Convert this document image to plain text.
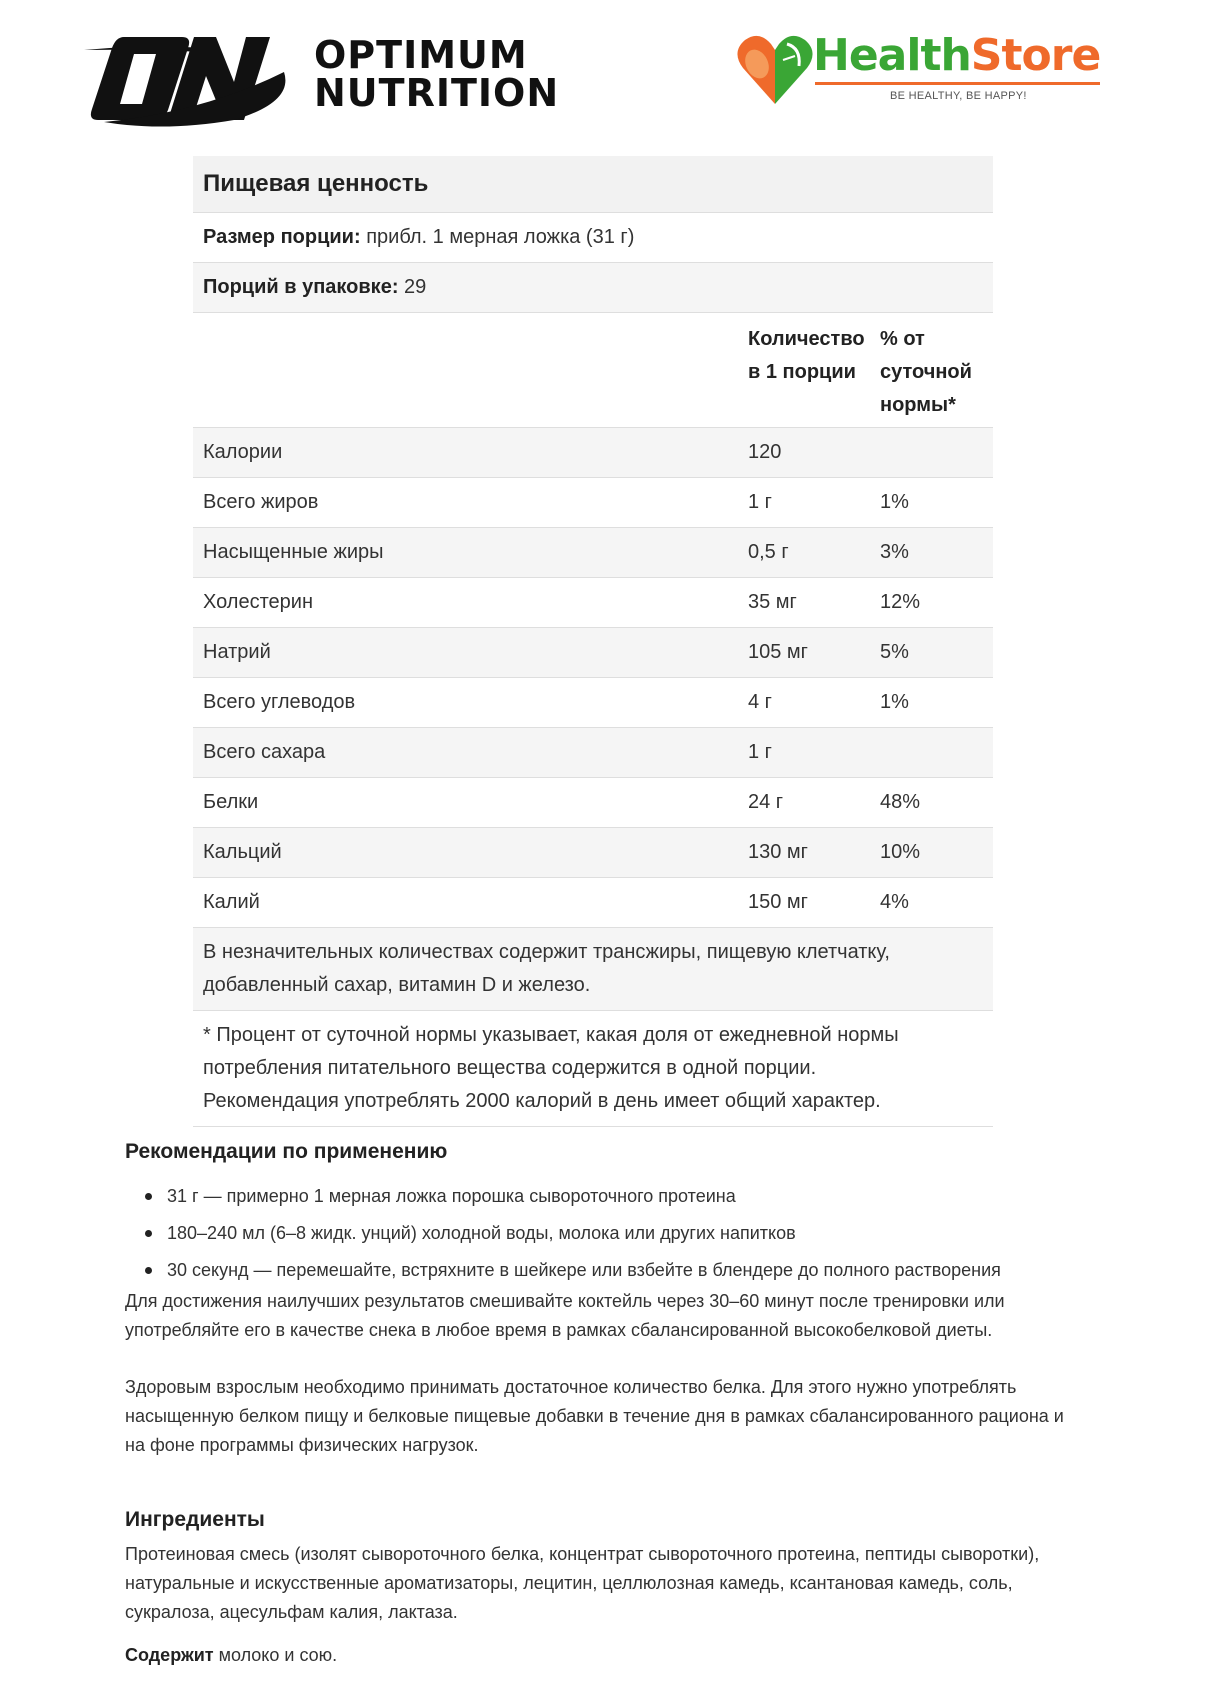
OPTIMUM
NUTRITION
HealthStore
BE HEALTHY, BE HAPPY!
Пищевая ценность
Размер порции: прибл. 1 мерная ложка (31 г)
Порций в упаковке: 29
Количество
в 1 порции
% от
суточной
нормы*
Калории	120
Всего жиров	1 г	1%
Насыщенные жиры	0,5 г	3%
Холестерин	35 мг	12%
Натрий	105 мг	5%
Всего углеводов	4 г	1%
Всего сахара	1 г
Белки	24 г	48%
Кальций	130 мг	10%
Калий	150 мг	4%
В незначительных количествах содержит трансжиры, пищевую клетчатку,
добавленный сахар, витамин D и железо.
* Процент от суточной нормы указывает, какая доля от ежедневной нормы
потребления питательного вещества содержится в одной порции.
Рекомендация употреблять 2000 калорий в день имеет общий характер.
Рекомендации по применению
31 г — примерно 1 мерная ложка порошка сывороточного протеина
180–240 мл (6–8 жидк. унций) холодной воды, молока или других напитков
30 секунд — перемешайте, встряхните в шейкере или взбейте в блендере до полного растворения
Для достижения наилучших результатов смешивайте коктейль через 30–60 минут после тренировки или
употребляйте его в качестве снека в любое время в рамках сбалансированной высокобелковой диеты.
Здоровым взрослым необходимо принимать достаточное количество белка. Для этого нужно употреблять
насыщенную белком пищу и белковые пищевые добавки в течение дня в рамках сбалансированного рациона и
на фоне программы физических нагрузок.
Ингредиенты
Протеиновая смесь (изолят сывороточного белка, концентрат сывороточного протеина, пептиды сыворотки),
натуральные и искусственные ароматизаторы, лецитин, целлюлозная камедь, ксантановая камедь, соль,
сукралоза, ацесульфам калия, лактаза.
Содержит молоко и сою.
